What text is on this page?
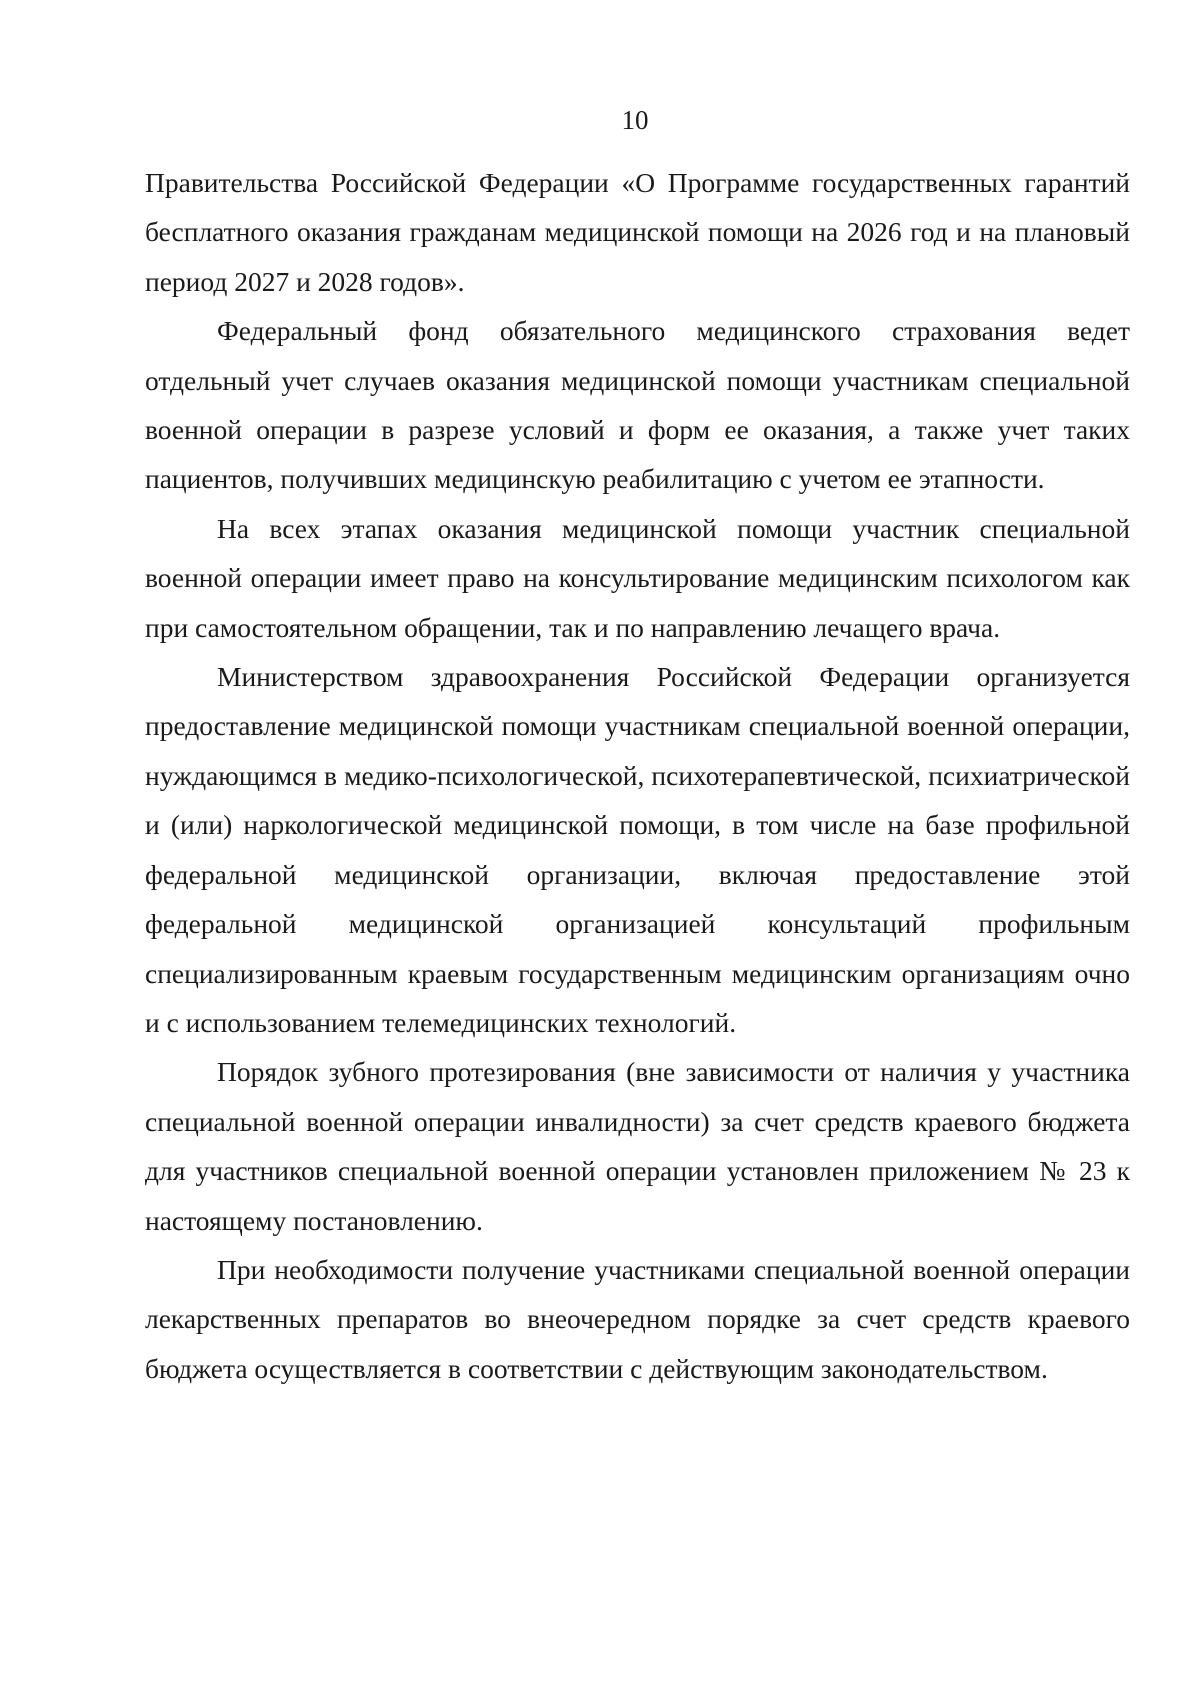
10

Правительства Российской Федерации «О Программе государственных гарантий бесплатного оказания гражданам медицинской помощи на 2026 год и на плановый период 2027 и 2028 годов».

Федеральный фонд обязательного медицинского страхования ведет отдельный учет случаев оказания медицинской помощи участникам специальной военной операции в разрезе условий и форм ее оказания, а также учет таких пациентов, получивших медицинскую реабилитацию с учетом ее этапности.

На всех этапах оказания медицинской помощи участник специальной военной операции имеет право на консультирование медицинским психологом как при самостоятельном обращении, так и по направлению лечащего врача.

Министерством здравоохранения Российской Федерации организуется предоставление медицинской помощи участникам специальной военной операции, нуждающимся в медико-психологической, психотерапевтической, психиатрической и (или) наркологической медицинской помощи, в том числе на базе профильной федеральной медицинской организации, включая предоставление этой федеральной медицинской организацией консультаций профильным специализированным краевым государственным медицинским организациям очно и с использованием телемедицинских технологий.

Порядок зубного протезирования (вне зависимости от наличия у участника специальной военной операции инвалидности) за счет средств краевого бюджета для участников специальной военной операции установлен приложением № 23 к настоящему постановлению.

При необходимости получение участниками специальной военной операции лекарственных препаратов во внеочередном порядке за счет средств краевого бюджета осуществляется в соответствии с действующим законодательством.
